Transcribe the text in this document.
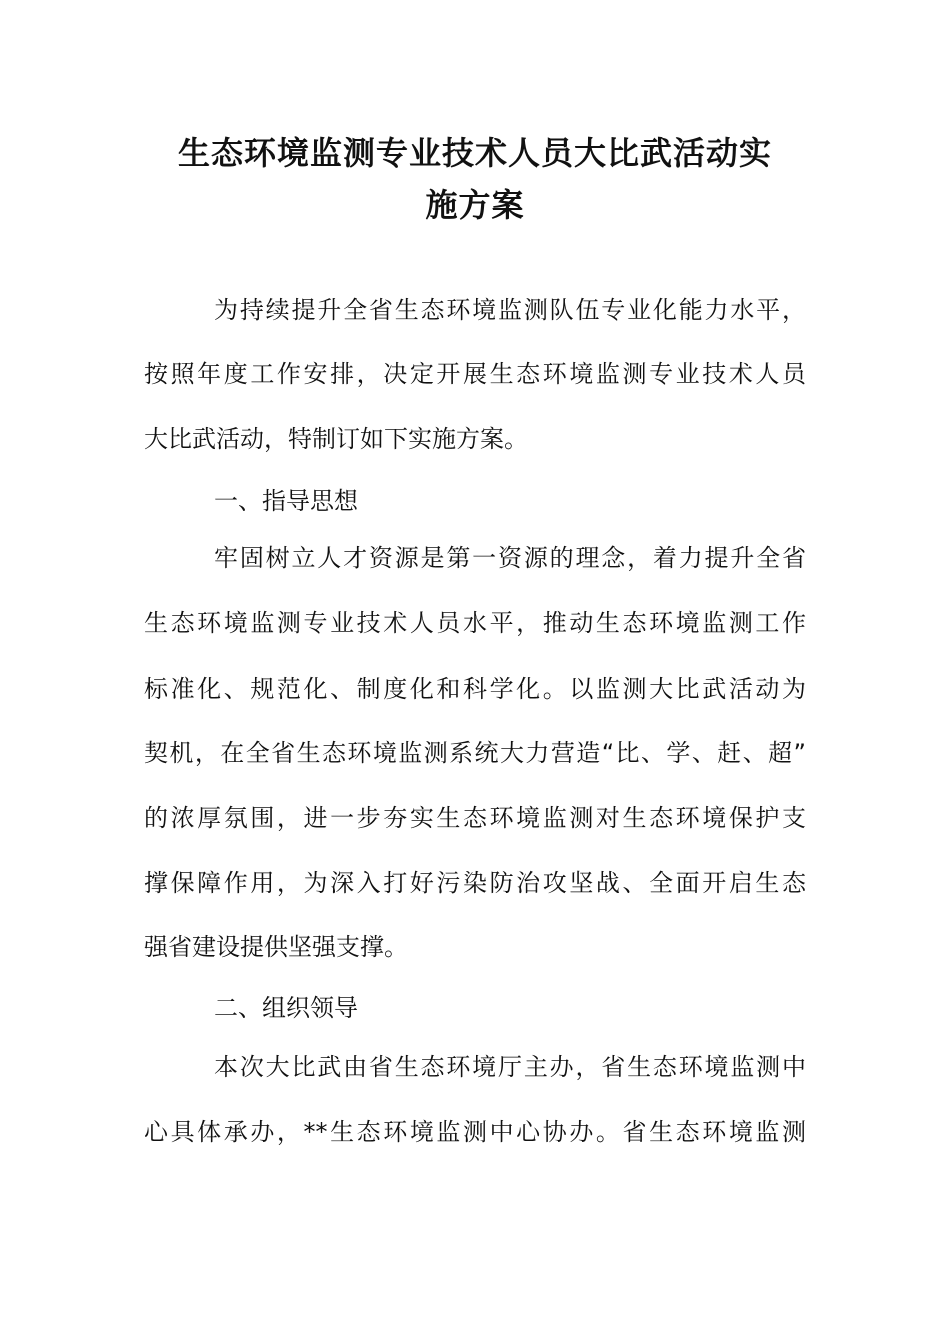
生态环境监测专业技术人员大比武活动实
施方案
为持续提升全省生态环境监测队伍专业化能力水平，
按照年度工作安排，决定开展生态环境监测专业技术人员
大比武活动，特制订如下实施方案。
一、指导思想
牢固树立人才资源是第一资源的理念，着力提升全省
生态环境监测专业技术人员水平，推动生态环境监测工作
标准化、规范化、制度化和科学化。以监测大比武活动为
契机，在全省生态环境监测系统大力营造“比、学、赶、超”
的浓厚氛围，进一步夯实生态环境监测对生态环境保护支
撑保障作用，为深入打好污染防治攻坚战、全面开启生态
强省建设提供坚强支撑。
二、组织领导
本次大比武由省生态环境厅主办，省生态环境监测中
心具体承办，**生态环境监测中心协办。省生态环境监测
